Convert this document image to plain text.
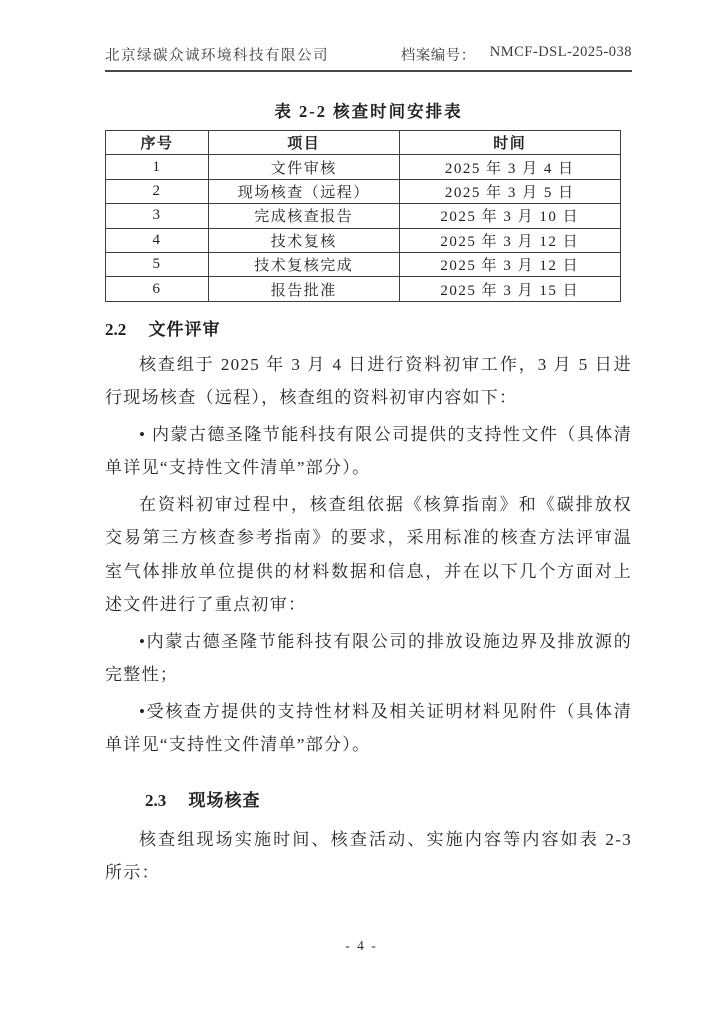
北京绿碳众诚环境科技有限公司	档案编号： NMCF-DSL-2025-038
表 2-2 核查时间安排表
序号	项目	时间
1	文件审核	2025 年 3 月 4 日
2	现场核查（远程）	2025 年 3 月 5 日
3	完成核查报告	2025 年 3 月 10 日
4	技术复核	2025 年 3 月 12 日
5	技术复核完成	2025 年 3 月 12 日
6	报告批准	2025 年 3 月 15 日
2.2 文件评审

核查组于 2025 年 3 月 4 日进行资料初审工作，3 月 5 日进行现场核查（远程），核查组的资料初审内容如下：

• 内蒙古德圣隆节能科技有限公司提供的支持性文件（具体清单详见“支持性文件清单”部分）。

在资料初审过程中，核查组依据《核算指南》和《碳排放权交易第三方核查参考指南》的要求，采用标准的核查方法评审温室气体排放单位提供的材料数据和信息，并在以下几个方面对上述文件进行了重点初审：

•内蒙古德圣隆节能科技有限公司的排放设施边界及排放源的完整性；

•受核查方提供的支持性材料及相关证明材料见附件（具体清单详见“支持性文件清单”部分）。

2.3 现场核查

核查组现场实施时间、核查活动、实施内容等内容如表 2-3 所示：

- 4 -
